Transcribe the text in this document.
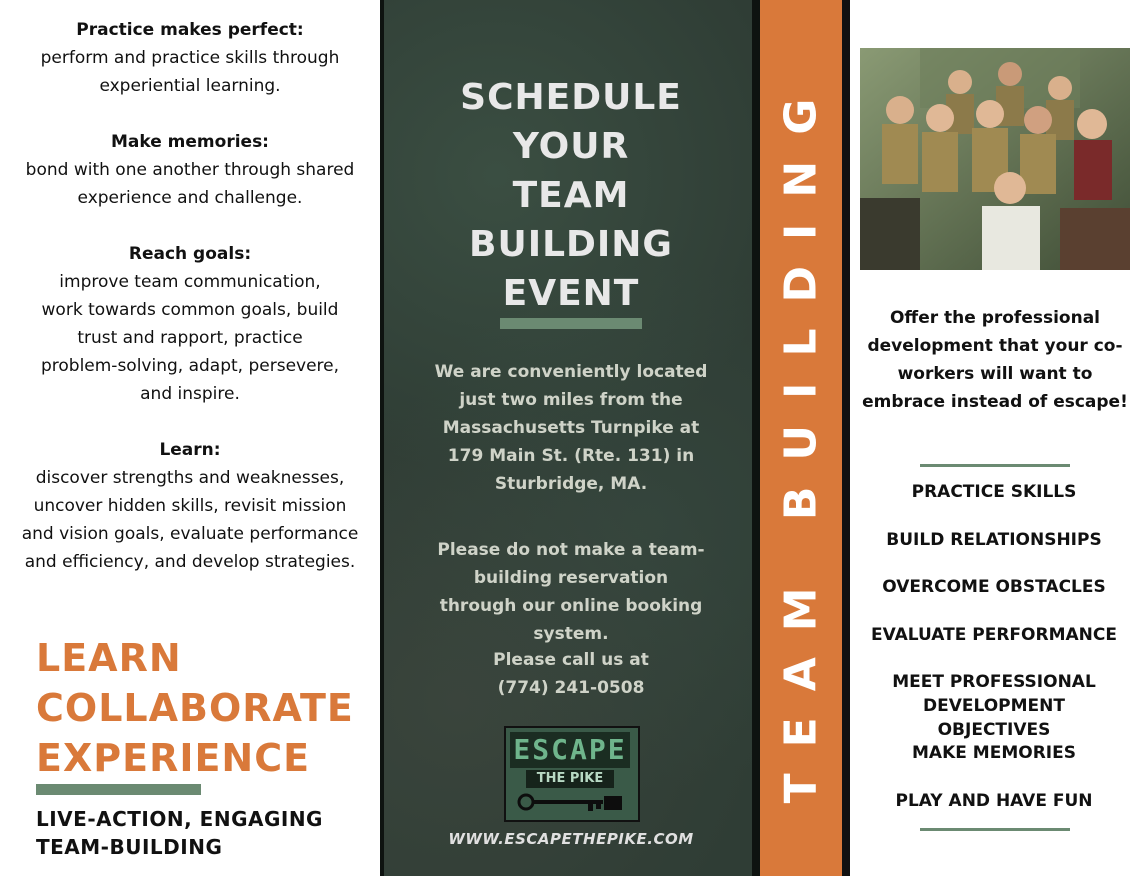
Practice makes perfect:
perform and practice skills through experiential learning.
Make memories:
bond with one another through shared experience and challenge.
Reach goals:
improve team communication, work towards common goals, build trust and rapport, practice problem-solving, adapt, persevere, and inspire.
Learn:
discover strengths and weaknesses, uncover hidden skills, revisit mission and vision goals, evaluate performance and efficiency, and develop strategies.
LEARN
COLLABORATE
EXPERIENCE
LIVE-ACTION, ENGAGING
TEAM-BUILDING
SCHEDULE
YOUR
TEAM
BUILDING
EVENT
We are conveniently located just two miles from the Massachusetts Turnpike at 179 Main St. (Rte. 131) in Sturbridge, MA.
Please do not make a team-building reservation through our online booking system.
Please call us at
(774) 241-0508
ESCAPE
THE PIKE
WWW.ESCAPETHEPIKE.COM
TEAM BUILDING	Offer the professional development that your co-workers will want to embrace instead of escape!
PRACTICE SKILLS
BUILD RELATIONSHIPS
OVERCOME OBSTACLES
EVALUATE PERFORMANCE
MEET PROFESSIONAL DEVELOPMENT OBJECTIVES
MAKE MEMORIES
PLAY AND HAVE FUN
